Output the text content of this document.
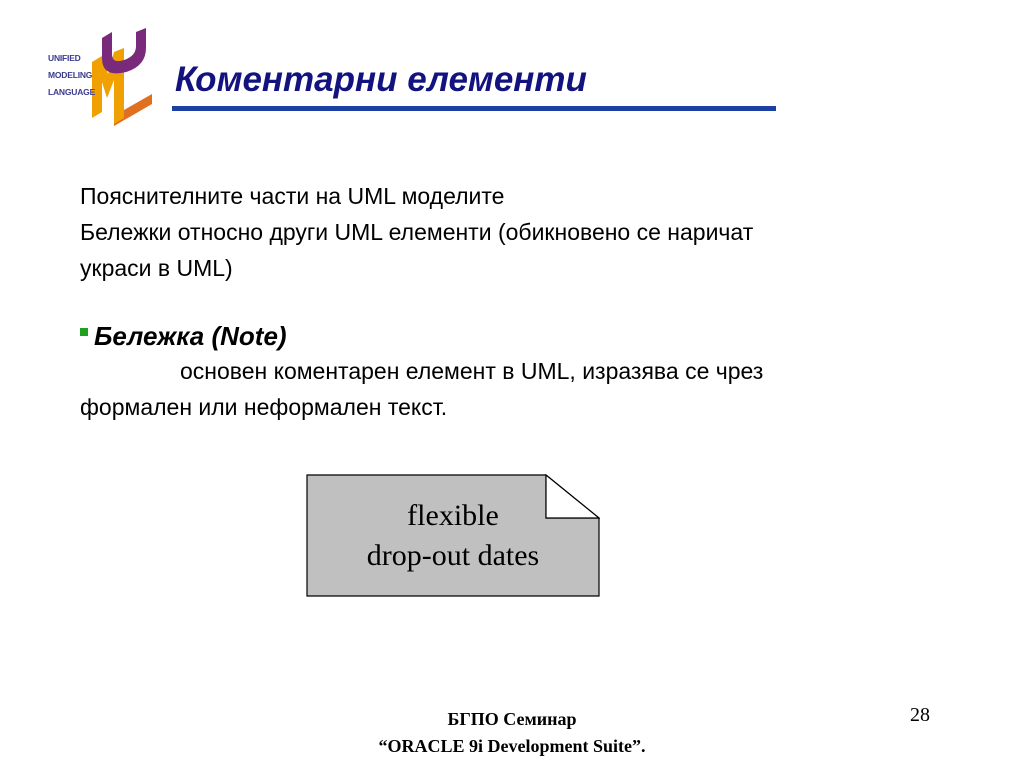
UNIFIED
MODELING
LANGUAGE Коментарни елементи
Пояснителните части на UML моделите
Бележки относно други UML елементи (обикновено се наричат
украси в UML)
Бележка (Note)
основен коментарен елемент в UML, изразява се чрез
формален или неформален текст.
flexible
drop-out dates
БГПО Семинар
“ORACLE 9i Development Suite”.
28
